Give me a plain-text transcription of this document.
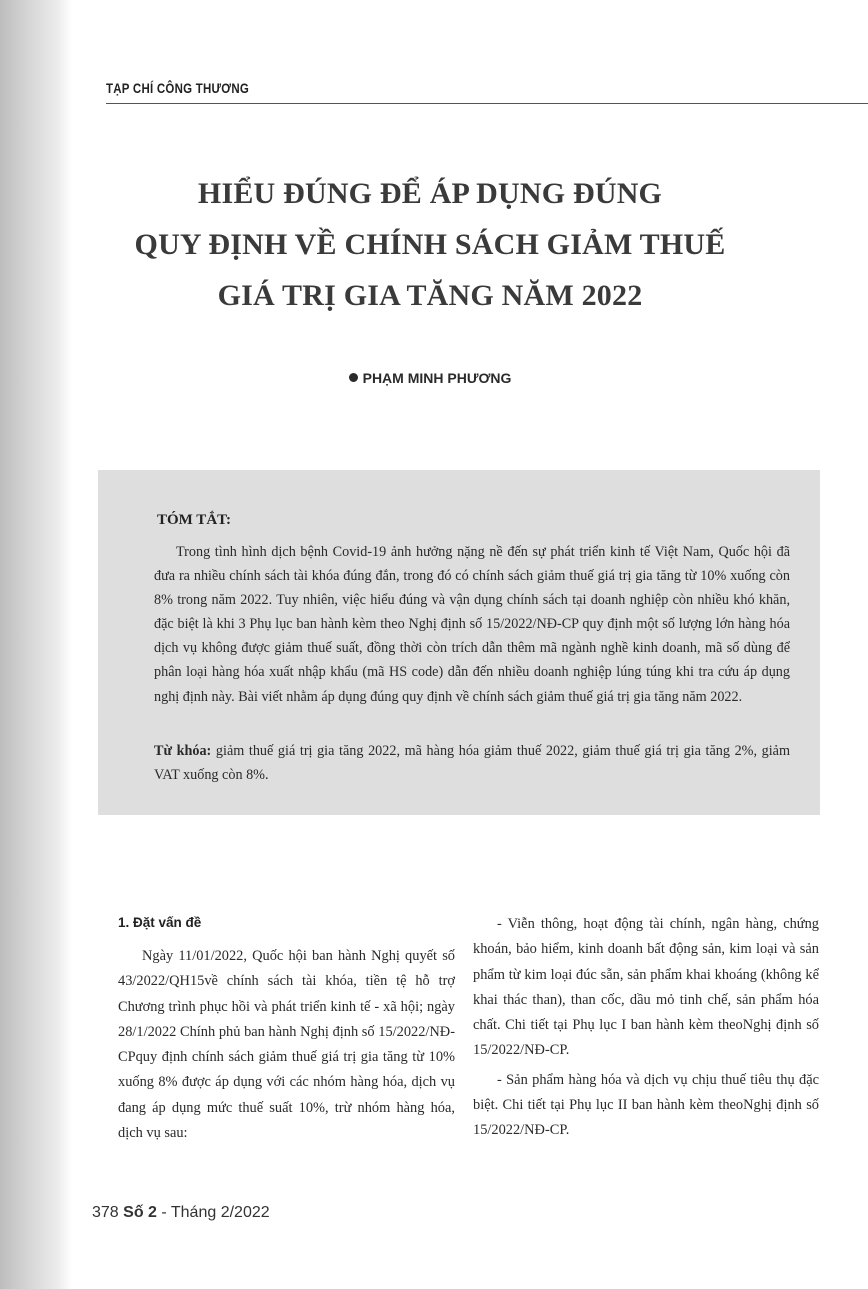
TẠP CHÍ CÔNG THƯƠNG
HIỂU ĐÚNG ĐỂ ÁP DỤNG ĐÚNG
QUY ĐỊNH VỀ CHÍNH SÁCH GIẢM THUẾ
GIÁ TRỊ GIA TĂNG NĂM 2022
PHẠM MINH PHƯƠNG
TÓM TẮT:

Trong tình hình dịch bệnh Covid-19 ảnh hưởng nặng nề đến sự phát triển kinh tế Việt Nam, Quốc hội đã đưa ra nhiều chính sách tài khóa đúng đắn, trong đó có chính sách giảm thuế giá trị gia tăng từ 10% xuống còn 8% trong năm 2022. Tuy nhiên, việc hiểu đúng và vận dụng chính sách tại doanh nghiệp còn nhiều khó khăn, đặc biệt là khi 3 Phụ lục ban hành kèm theo Nghị định số 15/2022/NĐ-CP quy định một số lượng lớn hàng hóa dịch vụ không được giảm thuế suất, đồng thời còn trích dẫn thêm mã ngành nghề kinh doanh, mã số dùng để phân loại hàng hóa xuất nhập khẩu (mã HS code) dẫn đến nhiều doanh nghiệp lúng túng khi tra cứu áp dụng nghị định này. Bài viết nhằm áp dụng đúng quy định về chính sách giảm thuế giá trị gia tăng năm 2022.

Từ khóa: giảm thuế giá trị gia tăng 2022, mã hàng hóa giảm thuế 2022, giảm thuế giá trị gia tăng 2%, giảm VAT xuống còn 8%.

1. Đặt vấn đề

Ngày 11/01/2022, Quốc hội ban hành Nghị quyết số 43/2022/QH15về chính sách tài khóa, tiền tệ hỗ trợ Chương trình phục hồi và phát triển kinh tế - xã hội; ngày 28/1/2022 Chính phủ ban hành Nghị định số 15/2022/NĐ-CPquy định chính sách giảm thuế giá trị gia tăng từ 10% xuống 8% được áp dụng với các nhóm hàng hóa, dịch vụ đang áp dụng mức thuế suất 10%, trừ nhóm hàng hóa, dịch vụ sau:

- Viễn thông, hoạt động tài chính, ngân hàng, chứng khoán, bảo hiểm, kinh doanh bất động sản, kim loại và sản phẩm từ kim loại đúc sẵn, sản phẩm khai khoáng (không kể khai thác than), than cốc, dầu mỏ tinh chế, sản phẩm hóa chất. Chi tiết tại Phụ lục I ban hành kèm theoNghị định số 15/2022/NĐ-CP.

- Sản phẩm hàng hóa và dịch vụ chịu thuế tiêu thụ đặc biệt. Chi tiết tại Phụ lục II ban hành kèm theoNghị định số 15/2022/NĐ-CP.

378 Số 2 - Tháng 2/2022
